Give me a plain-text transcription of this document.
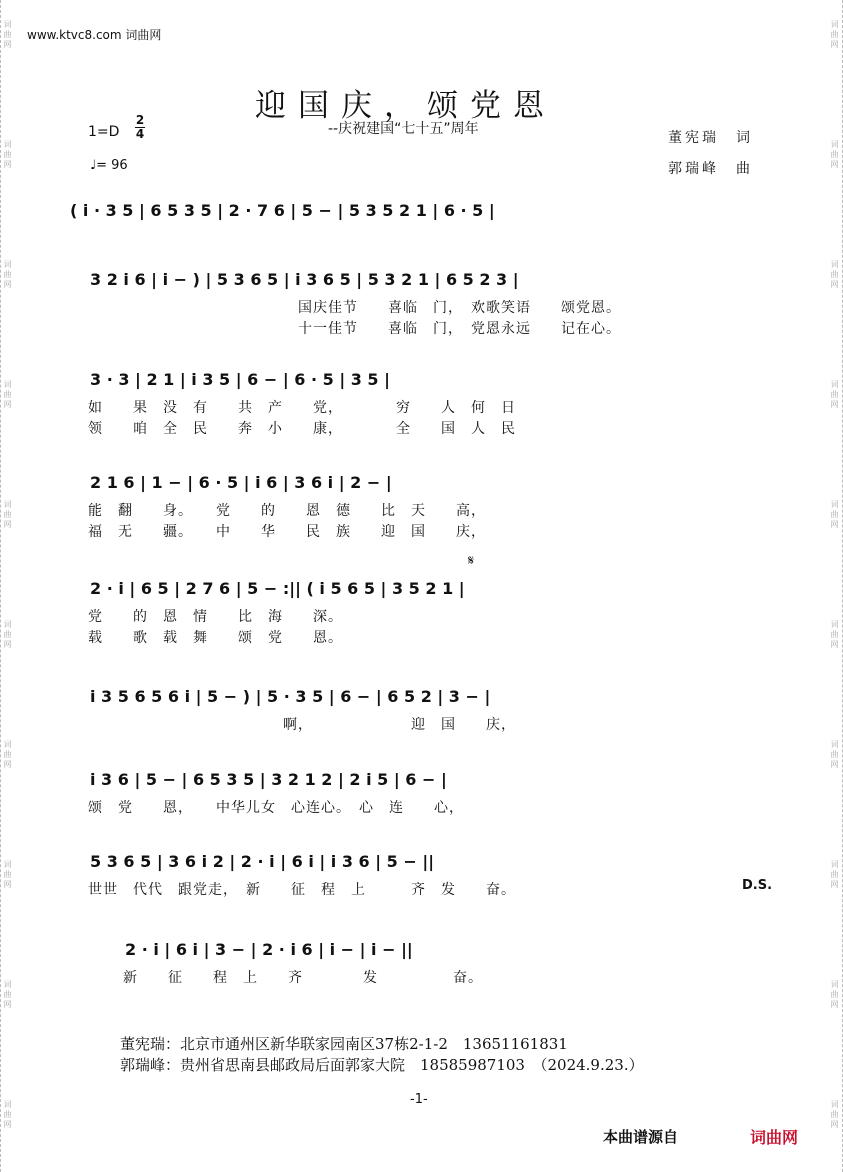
词曲网
词曲网
词曲网
词曲网
词曲网
词曲网
词曲网
词曲网
词曲网
词曲网
词曲网
词曲网
词曲网
词曲网
词曲网
词曲网
词曲网
词曲网
词曲网
词曲网
www.ktvc8.com 词曲网
迎国庆，颂党恩
--庆祝建国“七十五”周年
1=D
2
4
♩= 96
董宪瑞　词
郭瑞峰　曲
( i · 3 5 | 6 5 3 5 | 2 · 7 6 | 5 − | 5 3 5 2 1 | 6 · 5 |
3 2 i 6 | i − ) | 5 3 6 5 | i 3 6 5 | 5 3 2 1 | 6 5 2 3 |
国庆佳节　　喜临　门，　欢歌笑语　　颂党恩。
十一佳节　　喜临　门，　党恩永远　　记在心。
3 · 3 | 2 1 | i 3 5 | 6 − | 6 · 5 | 3 5 |
如　　果　没　有　　共　产　　党，　　　　穷　　人　何　日
领　　咱　全　民　　奔　小　　康，　　　　全　　国　人　民
2 1 6 | 1 − | 6 · 5 | i 6 | 3 6 i | 2 − |
能　翻　　身。　　党　　的　　恩　德　　比　天　　高，
福　无　　疆。　　中　　华　　民　族　　迎　国　　庆，
𝄋
2 · i | 6 5 | 2 7 6 | 5 − :|| ( i 5 6 5 | 3 5 2 1 |
党　　的　恩　情　　比　海　　深。
载　　歌　载　舞　　颂　党　　恩。
i 3 5 6 5 6 i | 5 − ) | 5 · 3 5 | 6 − | 6 5 2 | 3 − |
　　　　　　　　　　　　　啊，　　　　　　　迎　国　　庆，
i 3 6 | 5 − | 6 5 3 5 | 3 2 1 2 | 2 i 5 | 6 − |
颂　党　　恩，　　中华儿女　心连心。　心　连　　心，
5 3 6 5 | 3 6 i 2 | 2 · i | 6 i | i 3 6 | 5 − ||
世世　代代　跟党走，　新　　征　程　上　　　齐　发　　奋。	D.S.
2 · i | 6 i | 3 − | 2 · i 6 | i − | i − ||
新　　征　　程　上　　齐　　　　发　　　　　奋。
董宪瑞：北京市通州区新华联家园南区37栋2-1-2　13651161831
郭瑞峰：贵州省思南县邮政局后面郭家大院　18585987103　（2024.9.23.）
-1-
本曲谱源自	词曲网
